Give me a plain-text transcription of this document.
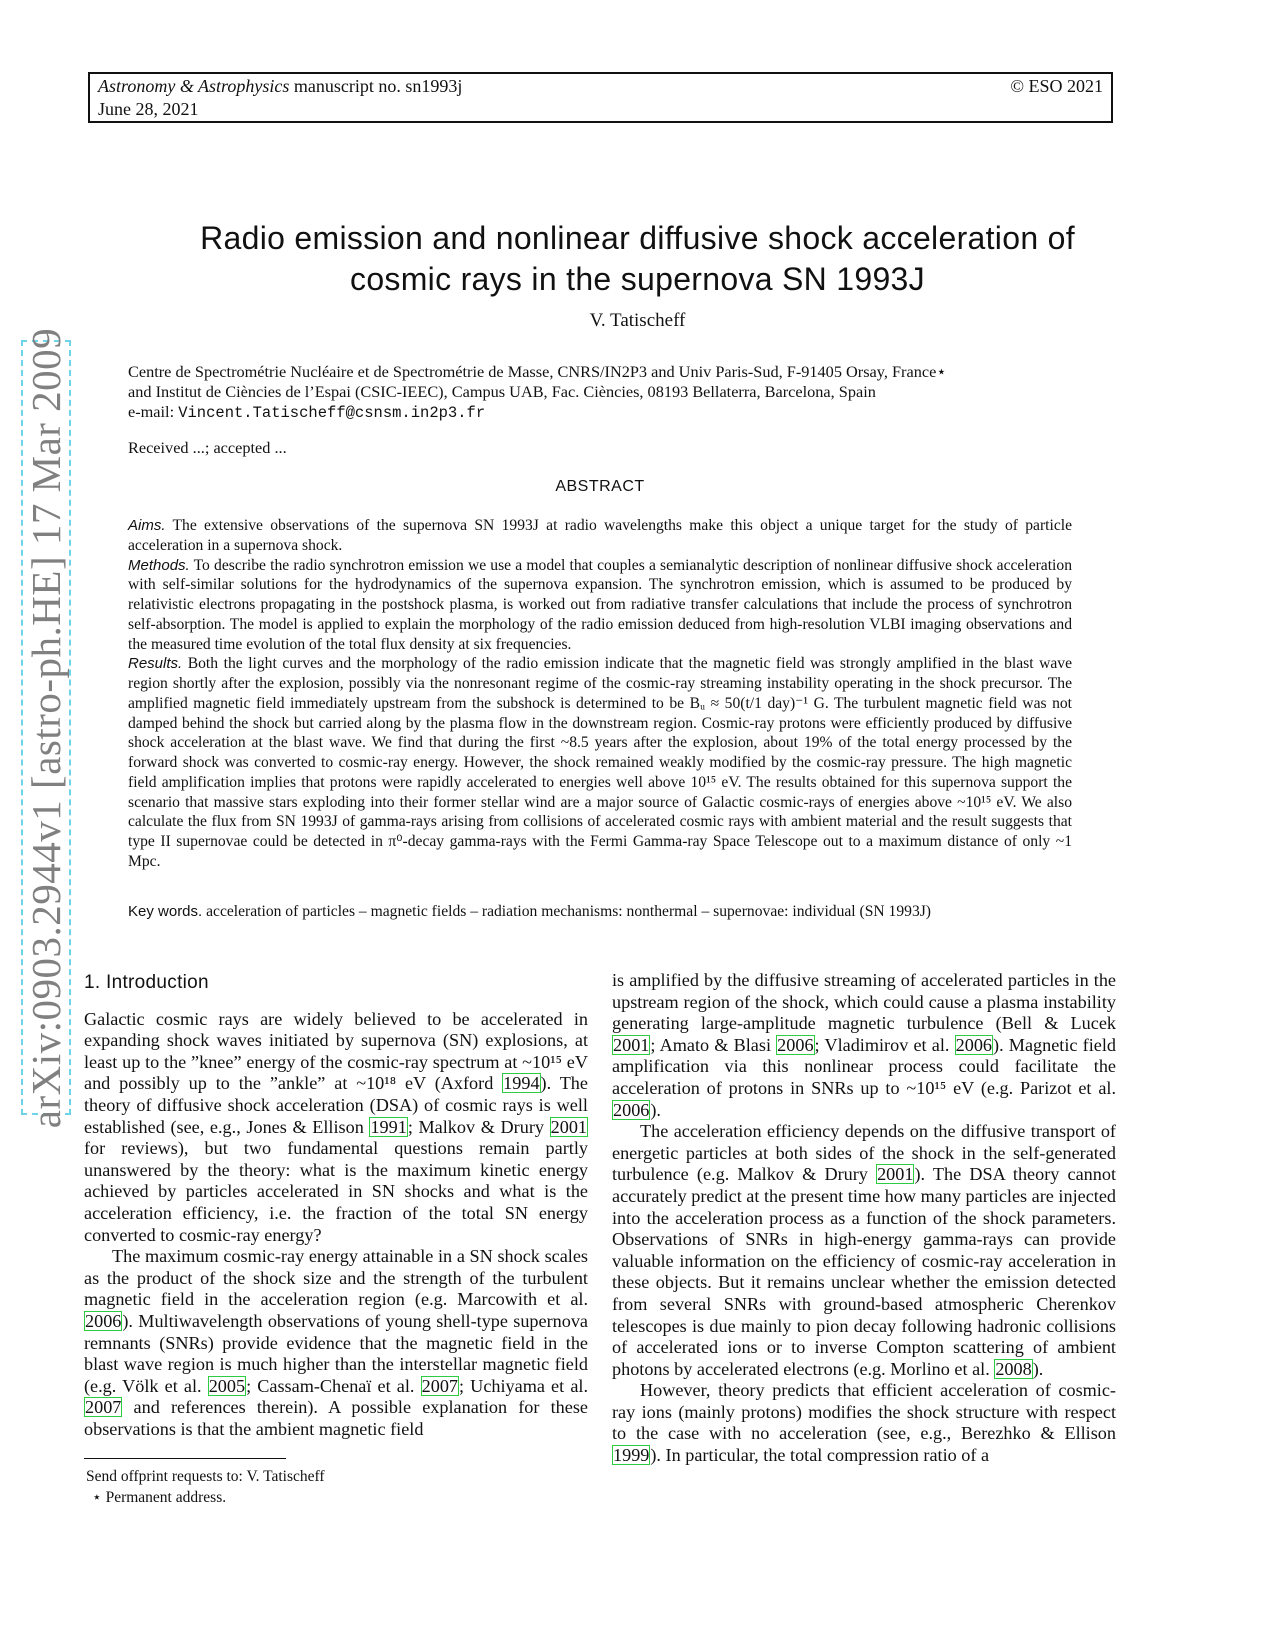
arXiv:0903.2944v1 [astro-ph.HE] 17 Mar 2009
Astronomy & Astrophysics manuscript no. sn1993j
June 28, 2021
© ESO 2021
Radio emission and nonlinear diffusive shock acceleration of
cosmic rays in the supernova SN 1993J
V. Tatischeff
Centre de Spectrométrie Nucléaire et de Spectrométrie de Masse, CNRS/IN2P3 and Univ Paris-Sud, F-91405 Orsay, France⋆
and Institut de Ciències de l’Espai (CSIC-IEEC), Campus UAB, Fac. Ciències, 08193 Bellaterra, Barcelona, Spain
e-mail: Vincent.Tatischeff@csnsm.in2p3.fr
Received ...; accepted ...
ABSTRACT

Aims. The extensive observations of the supernova SN 1993J at radio wavelengths make this object a unique target for the study of particle acceleration in a supernova shock.

Methods. To describe the radio synchrotron emission we use a model that couples a semianalytic description of nonlinear diffusive shock acceleration with self-similar solutions for the hydrodynamics of the supernova expansion. The synchrotron emission, which is assumed to be produced by relativistic electrons propagating in the postshock plasma, is worked out from radiative transfer calculations that include the process of synchrotron self-absorption. The model is applied to explain the morphology of the radio emission deduced from high-resolution VLBI imaging observations and the measured time evolution of the total flux density at six frequencies.

Results. Both the light curves and the morphology of the radio emission indicate that the magnetic field was strongly amplified in the blast wave region shortly after the explosion, possibly via the nonresonant regime of the cosmic-ray streaming instability operating in the shock precursor. The amplified magnetic field immediately upstream from the subshock is determined to be Bᵤ ≈ 50(t/1 day)⁻¹ G. The turbulent magnetic field was not damped behind the shock but carried along by the plasma flow in the downstream region. Cosmic-ray protons were efficiently produced by diffusive shock acceleration at the blast wave. We find that during the first ~8.5 years after the explosion, about 19% of the total energy processed by the forward shock was converted to cosmic-ray energy. However, the shock remained weakly modified by the cosmic-ray pressure. The high magnetic field amplification implies that protons were rapidly accelerated to energies well above 10¹⁵ eV. The results obtained for this supernova support the scenario that massive stars exploding into their former stellar wind are a major source of Galactic cosmic-rays of energies above ~10¹⁵ eV. We also calculate the flux from SN 1993J of gamma-rays arising from collisions of accelerated cosmic rays with ambient material and the result suggests that type II supernovae could be detected in π⁰-decay gamma-rays with the Fermi Gamma-ray Space Telescope out to a maximum distance of only ~1 Mpc.

Key words. acceleration of particles – magnetic fields – radiation mechanisms: nonthermal – supernovae: individual (SN 1993J)
1. Introduction

Galactic cosmic rays are widely believed to be accelerated in expanding shock waves initiated by supernova (SN) explosions, at least up to the ”knee” energy of the cosmic-ray spectrum at ~10¹⁵ eV and possibly up to the ”ankle” at ~10¹⁸ eV (Axford 1994). The theory of diffusive shock acceleration (DSA) of cosmic rays is well established (see, e.g., Jones & Ellison 1991; Malkov & Drury 2001 for reviews), but two fundamental questions remain partly unanswered by the theory: what is the maximum kinetic energy achieved by particles accelerated in SN shocks and what is the acceleration efficiency, i.e. the fraction of the total SN energy converted to cosmic-ray energy?

The maximum cosmic-ray energy attainable in a SN shock scales as the product of the shock size and the strength of the turbulent magnetic field in the acceleration region (e.g. Marcowith et al. 2006). Multiwavelength observations of young shell-type supernova remnants (SNRs) provide evidence that the magnetic field in the blast wave region is much higher than the interstellar magnetic field (e.g. Völk et al. 2005; Cassam-Chenaï et al. 2007; Uchiyama et al. 2007 and references therein). A possible explanation for these observations is that the ambient magnetic field

is amplified by the diffusive streaming of accelerated particles in the upstream region of the shock, which could cause a plasma instability generating large-amplitude magnetic turbulence (Bell & Lucek 2001; Amato & Blasi 2006; Vladimirov et al. 2006). Magnetic field amplification via this nonlinear process could facilitate the acceleration of protons in SNRs up to ~10¹⁵ eV (e.g. Parizot et al. 2006).

The acceleration efficiency depends on the diffusive transport of energetic particles at both sides of the shock in the self-generated turbulence (e.g. Malkov & Drury 2001). The DSA theory cannot accurately predict at the present time how many particles are injected into the acceleration process as a function of the shock parameters. Observations of SNRs in high-energy gamma-rays can provide valuable information on the efficiency of cosmic-ray acceleration in these objects. But it remains unclear whether the emission detected from several SNRs with ground-based atmospheric Cherenkov telescopes is due mainly to pion decay following hadronic collisions of accelerated ions or to inverse Compton scattering of ambient photons by accelerated electrons (e.g. Morlino et al. 2008).

However, theory predicts that efficient acceleration of cosmic-ray ions (mainly protons) modifies the shock structure with respect to the case with no acceleration (see, e.g., Berezhko & Ellison 1999). In particular, the total compression ratio of a

Send offprint requests to: V. Tatischeff
⋆ Permanent address.
